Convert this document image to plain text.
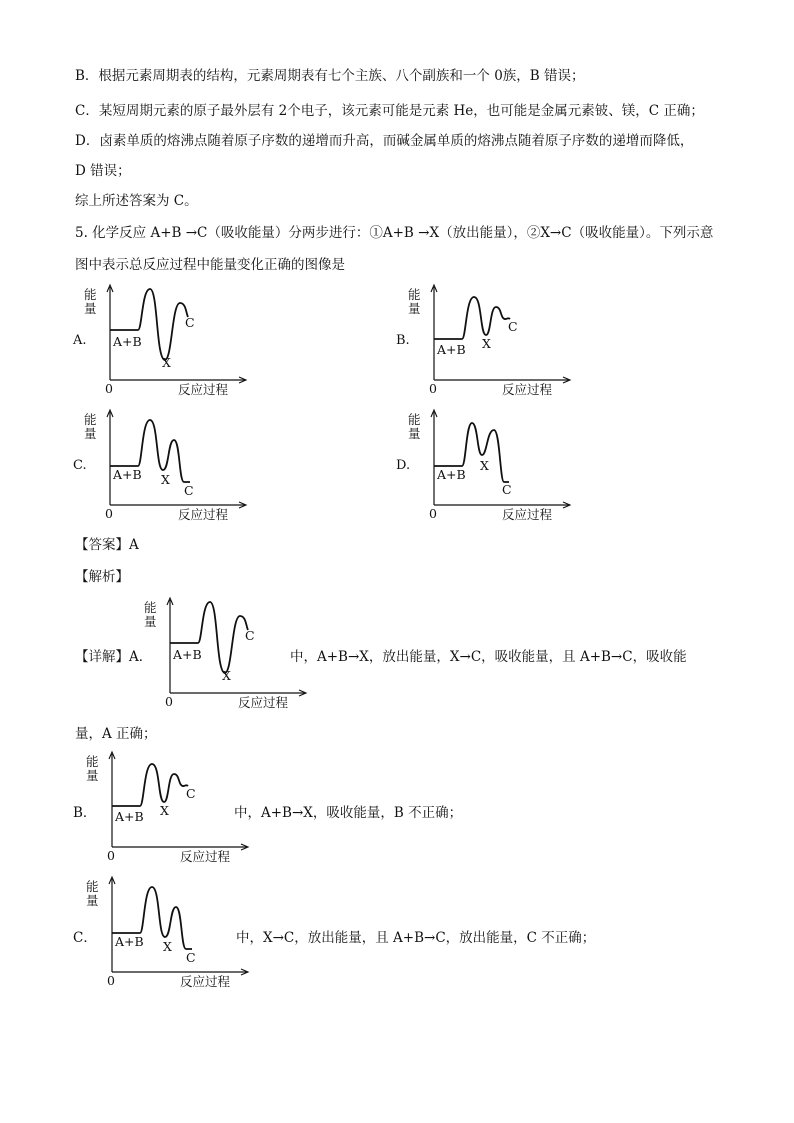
B．根据元素周期表的结构，元素周期表有七个主族、八个副族和一个 0族，B 错误；
C．某短周期元素的原子最外层有 2个电子，该元素可能是元素 He，也可能是金属元素铍、镁，C 正确；
D．卤素单质的熔沸点随着原子序数的递增而升高，而碱金属单质的熔沸点随着原子序数的递增而降低，
D 错误；
综上所述答案为 C。
5. 化学反应 A+B →C（吸收能量）分两步进行：①A+B →X（放出能量），②X→C（吸收能量）。下列示意
图中表示总反应过程中能量变化正确的图像是
A.	B.
C.	D.
能
量
0	反应过程
A+B
X
C
能
量
0	反应过程
A+B X
C
能
量
0	反应过程
A+B X
C
能
量
0	反应过程
A+B
X
C
【答案】A
【解析】
【详解】A．
能
量
0	反应过程
A+B
X
C
中，A+B→X，放出能量，X→C，吸收能量，且 A+B→C，吸收能
量，A 正确；
B．
能
量
0	反应过程
A+B X
C
中，A+B→X，吸收能量，B 不正确；
C．
能
量
0	反应过程
A+B X
C
中，X→C，放出能量，且 A+B→C，放出能量，C 不正确；
